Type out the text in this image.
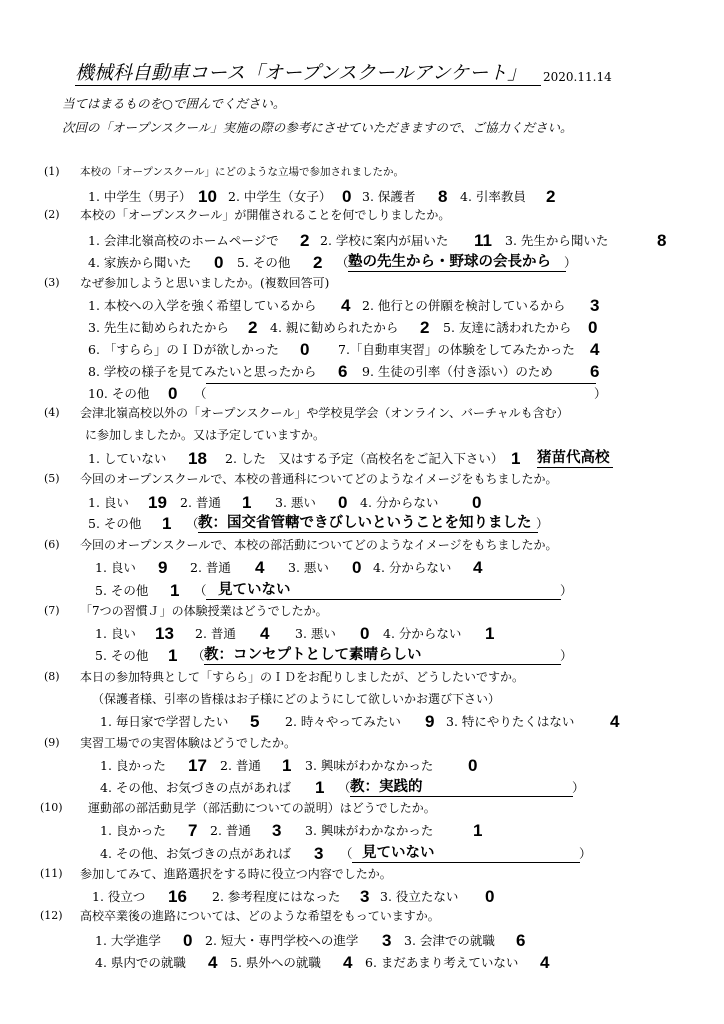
機械科自動車コース「オープンスクールアンケート」	2020.11.14
当てはまるものを○で囲んでください。
次回の「オープンスクール」実施の際の参考にさせていただきますので、ご協力ください。
(1) 本校の「オープンスクール」にどのような立場で参加されましたか。
1. 中学生（男子） 10 2. 中学生（女子） 0 3. 保護者 8 4. 引率教員 2
(2) 本校の「オープンスクール」が開催されることを何でしりましたか。
1. 会津北嶺高校のホームページで 2 2. 学校に案内が届いた 11 3. 先生から聞いた	8
4. 家族から聞いた 0 5. その他 2 （ 塾の先生から・野球の会長から	）
(3) なぜ参加しようと思いましたか。(複数回答可)
1. 本校への入学を強く希望しているから 4 2. 他行との併願を検討しているから 3
3. 先生に勧められたから 2 4. 親に勧められたから 2 5. 友達に誘われたから 0
6. 「すらら」のＩＤが欲しかった 0 7.「自動車実習」の体験をしてみたかった 4
8. 学校の様子を見てみたいと思ったから 6 9. 生徒の引率（付き添い）のため 6
10. その他 0 （	）
(4) 会津北嶺高校以外の「オープンスクール」や学校見学会（オンライン、バーチャルも含む）
に参加しましたか。又は予定していますか。
1. していない 18 2. した　又はする予定（高校名をご記入下さい） 1 猪苗代高校
(5) 今回のオープンスクールで、本校の普通科についてどのようなイメージをもちましたか。
1. 良い 19 2. 普通 1 3. 悪い 0 4. 分からない 0
5. その他 1 （ 教：国交省管轄できびしいということを知りました ）
(6) 今回のオープンスクールで、本校の部活動についてどのようなイメージをもちましたか。
1. 良い 9 2. 普通 4 3. 悪い 0 4. 分からない 4
5. その他 1 （ 見ていない	）
(7) 「7つの習慣Ｊ」の体験授業はどうでしたか。
1. 良い 13 2. 普通 4 3. 悪い 0 4. 分からない 1
5. その他 1 （ 教：コンセプトとして素晴らしい	）
(8) 本日の参加特典として「すらら」のＩＤをお配りしましたが、どうしたいですか。
（保護者様、引率の皆様はお子様にどのようにして欲しいかお選び下さい）
1. 毎日家で学習したい 5 2. 時々やってみたい 9 3. 特にやりたくはない 4
(9) 実習工場での実習体験はどうでしたか。
1. 良かった 17 2. 普通 1 3. 興味がわかなかった 0
4. その他、お気づきの点があれば 1 （ 教：実践的	）
(10) 運動部の部活動見学（部活動についての説明）はどうでしたか。
1. 良かった 7 2. 普通 3 3. 興味がわかなかった 1
4. その他、お気づきの点があれば 3 （ 見ていない	）
(11) 参加してみて、進路選択をする時に役立つ内容でしたか。
1. 役立つ 16 2. 参考程度にはなった 3 3. 役立たない 0
(12) 高校卒業後の進路については、どのような希望をもっていますか。
1. 大学進学 0 2. 短大・専門学校への進学 3 3. 会津での就職 6
4. 県内での就職 4 5. 県外への就職 4 6. まだあまり考えていない 4
